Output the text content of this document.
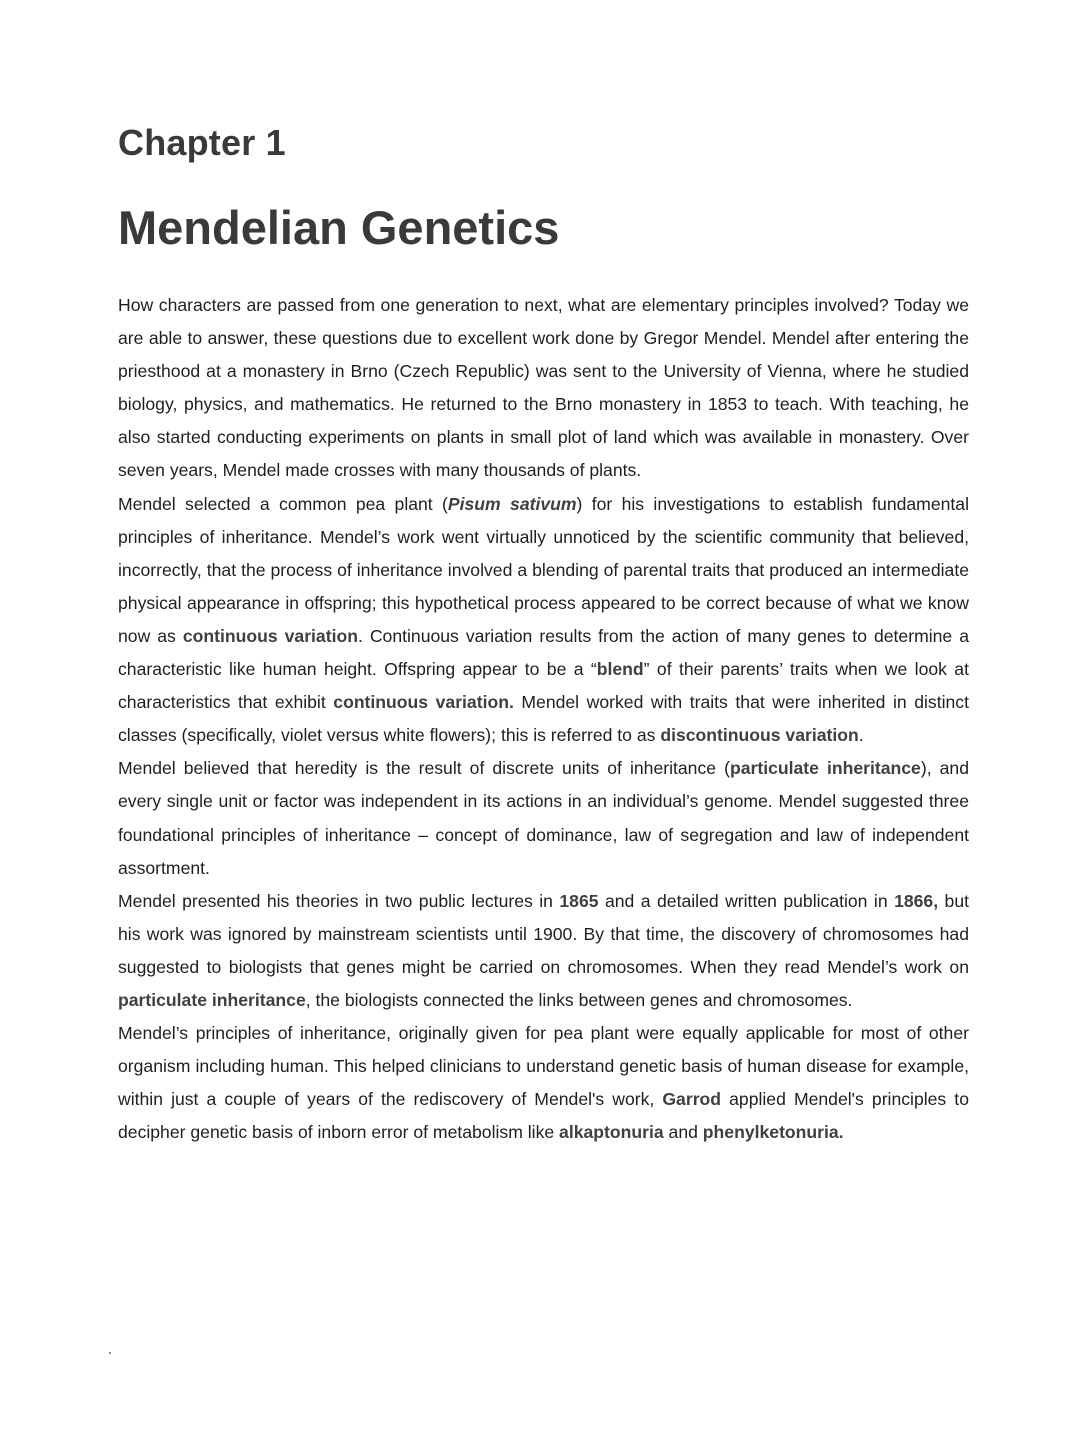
Chapter 1
Mendelian Genetics

How characters are passed from one generation to next, what are elementary principles involved? Today we are able to answer, these questions due to excellent work done by Gregor Mendel. Mendel after entering the priesthood at a monastery in Brno (Czech Republic) was sent to the University of Vienna, where he studied biology, physics, and mathematics. He returned to the Brno monastery in 1853 to teach. With teaching, he also started conducting experiments on plants in small plot of land which was available in monastery. Over seven years, Mendel made crosses with many thousands of plants.

Mendel selected a common pea plant (Pisum sativum) for his investigations to establish fundamental principles of inheritance. Mendel’s work went virtually unnoticed by the scientific community that believed, incorrectly, that the process of inheritance involved a blending of parental traits that produced an intermediate physical appearance in offspring; this hypothetical process appeared to be correct because of what we know now as continuous variation. Continuous variation results from the action of many genes to determine a characteristic like human height. Offspring appear to be a “blend” of their parents’ traits when we look at characteristics that exhibit continuous variation. Mendel worked with traits that were inherited in distinct classes (specifically, violet versus white flowers); this is referred to as discontinuous variation.

Mendel believed that heredity is the result of discrete units of inheritance (particulate inheritance), and every single unit or factor was independent in its actions in an individual’s genome. Mendel suggested three foundational principles of inheritance – concept of dominance, law of segregation and law of independent assortment.

Mendel presented his theories in two public lectures in 1865 and a detailed written publication in 1866, but his work was ignored by mainstream scientists until 1900. By that time, the discovery of chromosomes had suggested to biologists that genes might be carried on chromosomes. When they read Mendel’s work on particulate inheritance, the biologists connected the links between genes and chromosomes.

Mendel’s principles of inheritance, originally given for pea plant were equally applicable for most of other organism including human. This helped clinicians to understand genetic basis of human disease for example, within just a couple of years of the rediscovery of Mendel's work, Garrod applied Mendel's principles to decipher genetic basis of inborn error of metabolism like alkaptonuria and phenylketonuria.
